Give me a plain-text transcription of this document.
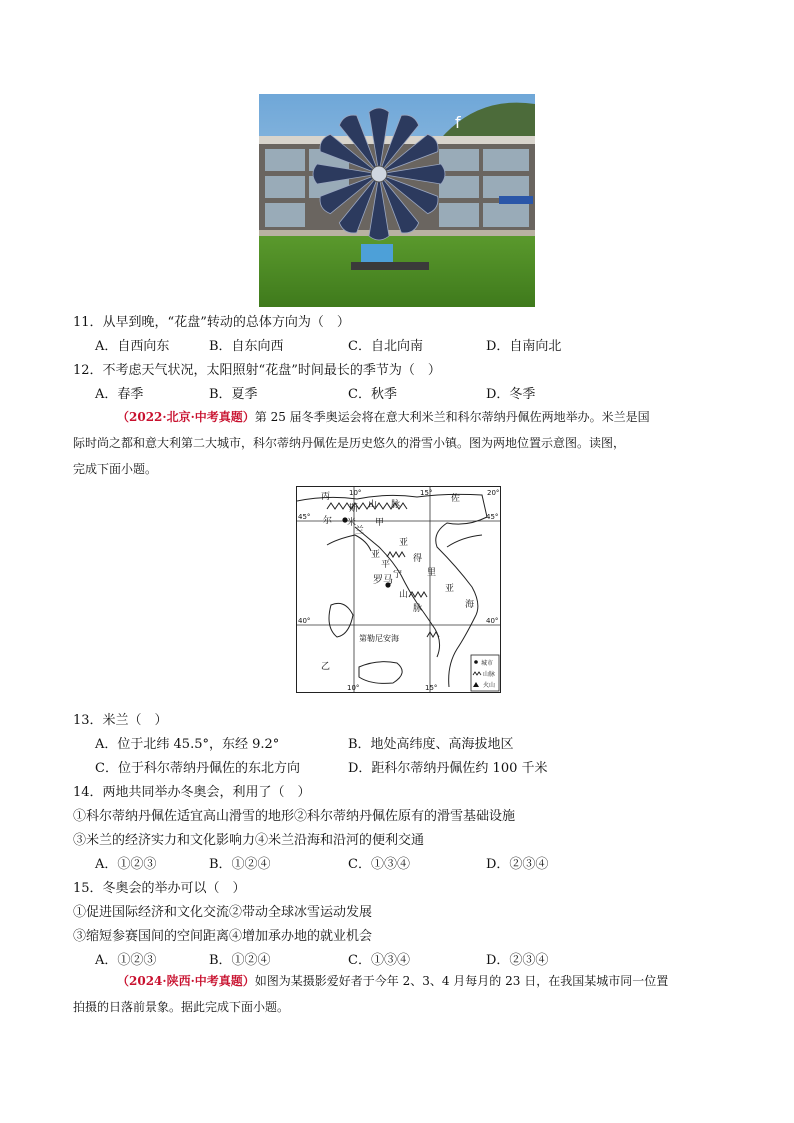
f
11．从早到晚，“花盘”转动的总体方向为（　）
A．自西向东	B．自东向西	C．自北向南	D．自南向北
12．不考虑天气状况，太阳照射“花盘”时间最长的季节为（　）
A．春季	B．夏季	C．秋季	D．冬季
（2022·北京·中考真题）第 25 届冬季奥运会将在意大利米兰和科尔蒂纳丹佩佐两地举办。米兰是国
际时尚之都和意大利第二大城市，科尔蒂纳丹佩佐是历史悠久的滑雪小镇。图为两地位置示意图。读图，
完成下面小题。
丙
尔
斯 山 脉
佐
米
兰
甲
亚
得
里
亚
海
亚
平
宁
罗马
山
脉
第勒尼安海
乙
10°	15°	20°
45°	45°
40°	40°
10°	15°
城市
山脉
火山
13．米兰（　）
A．位于北纬 45.5°，东经 9.2°	B．地处高纬度、高海拔地区
C．位于科尔蒂纳丹佩佐的东北方向	D．距科尔蒂纳丹佩佐约 100 千米
14．两地共同举办冬奥会，利用了（　）
①科尔蒂纳丹佩佐适宜高山滑雪的地形②科尔蒂纳丹佩佐原有的滑雪基础设施
③米兰的经济实力和文化影响力④米兰沿海和沿河的便利交通
A．①②③	B．①②④	C．①③④	D．②③④
15．冬奥会的举办可以（　）
①促进国际经济和文化交流②带动全球冰雪运动发展
③缩短参赛国间的空间距离④增加承办地的就业机会
A．①②③	B．①②④	C．①③④	D．②③④
（2024·陕西·中考真题）如图为某摄影爱好者于今年 2、3、4 月每月的 23 日，在我国某城市同一位置
拍摄的日落前景象。据此完成下面小题。
